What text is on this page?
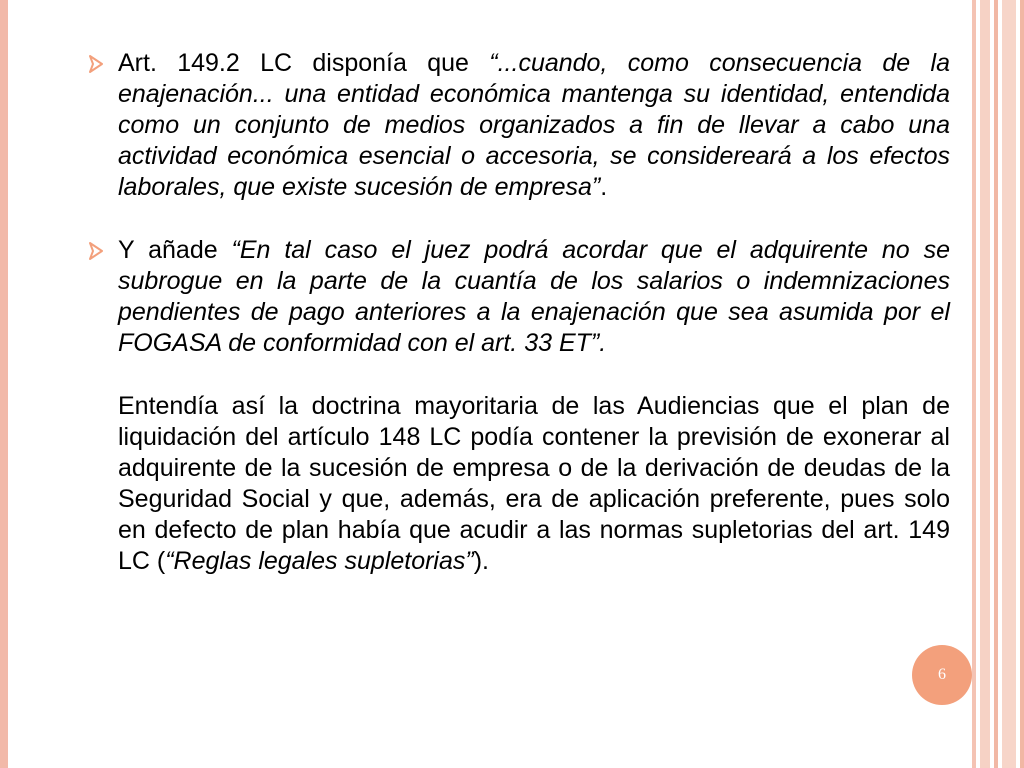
Art. 149.2 LC disponía que “...cuando, como consecuencia de la enajenación... una entidad económica mantenga su identidad, entendida como un conjunto de medios organizados a fin de llevar a cabo una actividad económica esencial o accesoria, se considereará a los efectos laborales, que existe sucesión de empresa”.
Y añade “En tal caso el juez podrá acordar que el adquirente no se subrogue en la parte de la cuantía de los salarios o indemnizaciones pendientes de pago anteriores a la enajenación que sea asumida por el FOGASA de conformidad con el art. 33 ET”.

Entendía así la doctrina mayoritaria de las Audiencias que el plan de liquidación del artículo 148 LC podía contener la previsión de exonerar al adquirente de la sucesión de empresa o de la derivación de deudas de la Seguridad Social y que, además, era de aplicación preferente, pues solo en defecto de plan había que acudir a las normas supletorias del art. 149 LC (“Reglas legales supletorias”).

6
